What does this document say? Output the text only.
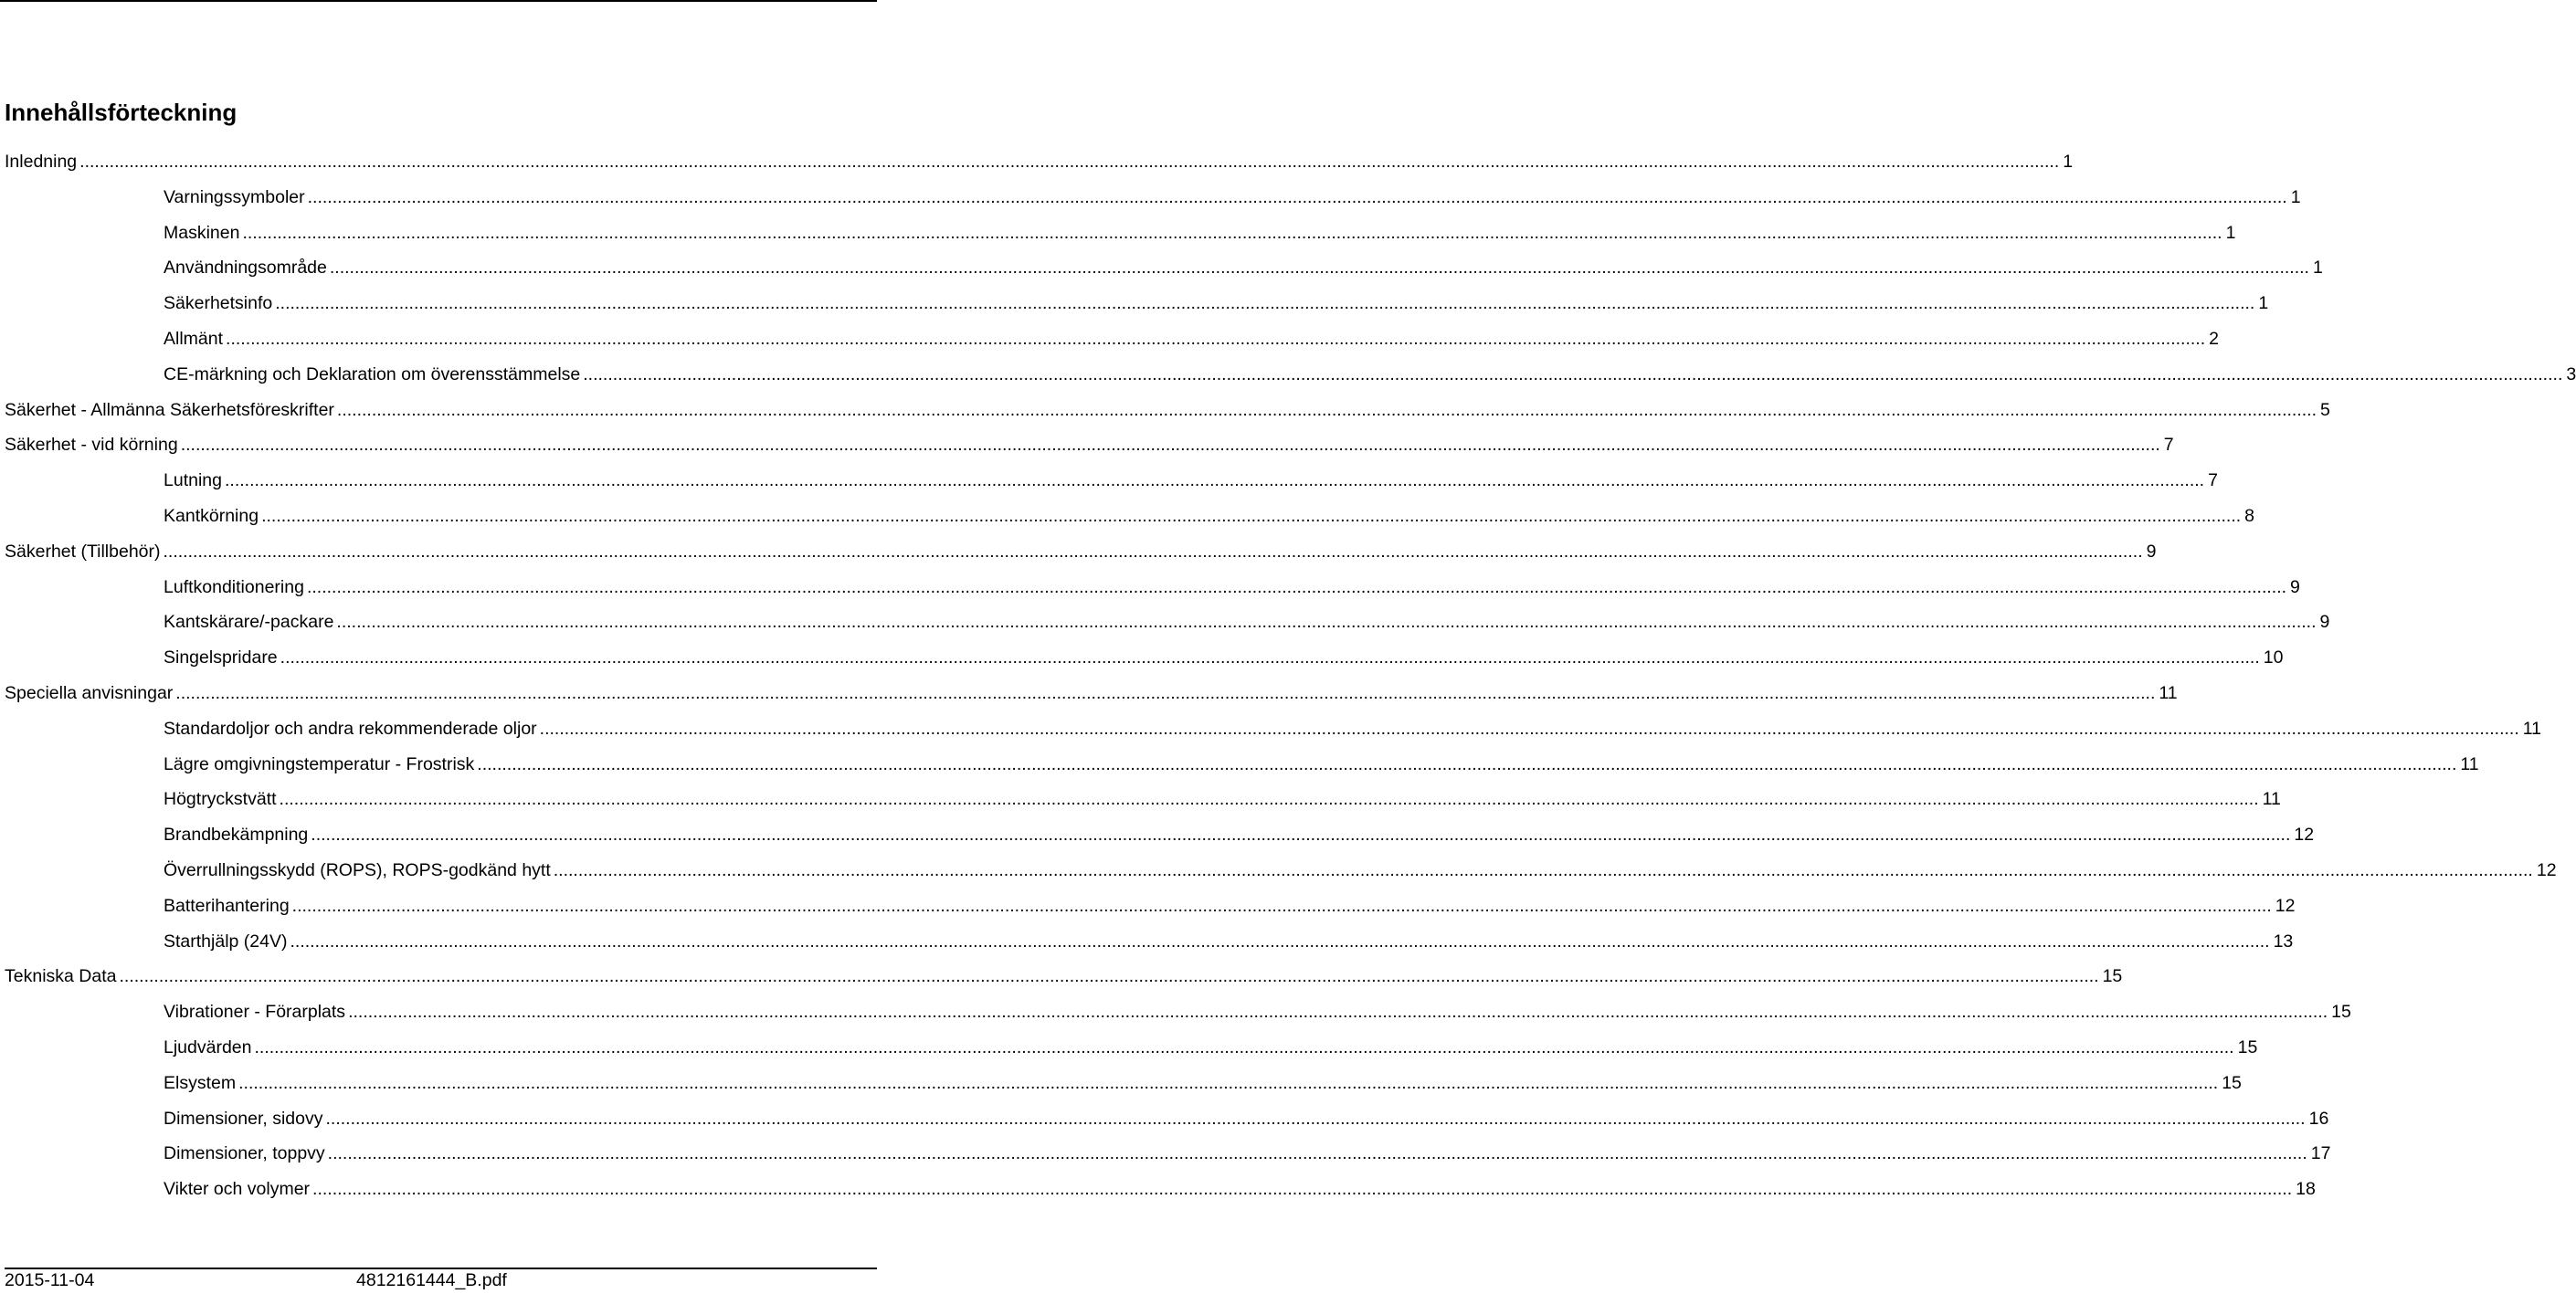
Innehållsförteckning
Inledning ................................................................................................................................................................................................................................................................................................................................................................................................................ 1
Varningssymboler ................................................................................................................................................................................................................................................................................................................................................................................................................ 1
Maskinen ................................................................................................................................................................................................................................................................................................................................................................................................................ 1
Användningsområde ................................................................................................................................................................................................................................................................................................................................................................................................................ 1
Säkerhetsinfo ................................................................................................................................................................................................................................................................................................................................................................................................................ 1
Allmänt ................................................................................................................................................................................................................................................................................................................................................................................................................ 2
CE-märkning och Deklaration om överensstämmelse ................................................................................................................................................................................................................................................................................................................................................................................................................ 3
Säkerhet - Allmänna Säkerhetsföreskrifter ................................................................................................................................................................................................................................................................................................................................................................................................................ 5
Säkerhet - vid körning ................................................................................................................................................................................................................................................................................................................................................................................................................ 7
Lutning ................................................................................................................................................................................................................................................................................................................................................................................................................ 7
Kantkörning ................................................................................................................................................................................................................................................................................................................................................................................................................ 8
Säkerhet (Tillbehör) ................................................................................................................................................................................................................................................................................................................................................................................................................ 9
Luftkonditionering ................................................................................................................................................................................................................................................................................................................................................................................................................ 9
Kantskärare/-packare ................................................................................................................................................................................................................................................................................................................................................................................................................ 9
Singelspridare ................................................................................................................................................................................................................................................................................................................................................................................................................ 10
Speciella anvisningar ................................................................................................................................................................................................................................................................................................................................................................................................................ 11
Standardoljor och andra rekommenderade oljor ................................................................................................................................................................................................................................................................................................................................................................................................................ 11
Lägre omgivningstemperatur - Frostrisk ................................................................................................................................................................................................................................................................................................................................................................................................................ 11
Högtryckstvätt ................................................................................................................................................................................................................................................................................................................................................................................................................ 11
Brandbekämpning ................................................................................................................................................................................................................................................................................................................................................................................................................ 12
Överrullningsskydd (ROPS), ROPS-godkänd hytt ................................................................................................................................................................................................................................................................................................................................................................................................................ 12
Batterihantering ................................................................................................................................................................................................................................................................................................................................................................................................................ 12
Starthjälp (24V) ................................................................................................................................................................................................................................................................................................................................................................................................................ 13
Tekniska Data ................................................................................................................................................................................................................................................................................................................................................................................................................ 15
Vibrationer - Förarplats ................................................................................................................................................................................................................................................................................................................................................................................................................ 15
Ljudvärden ................................................................................................................................................................................................................................................................................................................................................................................................................ 15
Elsystem ................................................................................................................................................................................................................................................................................................................................................................................................................ 15
Dimensioner, sidovy ................................................................................................................................................................................................................................................................................................................................................................................................................ 16
Dimensioner, toppvy ................................................................................................................................................................................................................................................................................................................................................................................................................ 17
Vikter och volymer ................................................................................................................................................................................................................................................................................................................................................................................................................ 18
2015-11-04	4812161444_B.pdf
